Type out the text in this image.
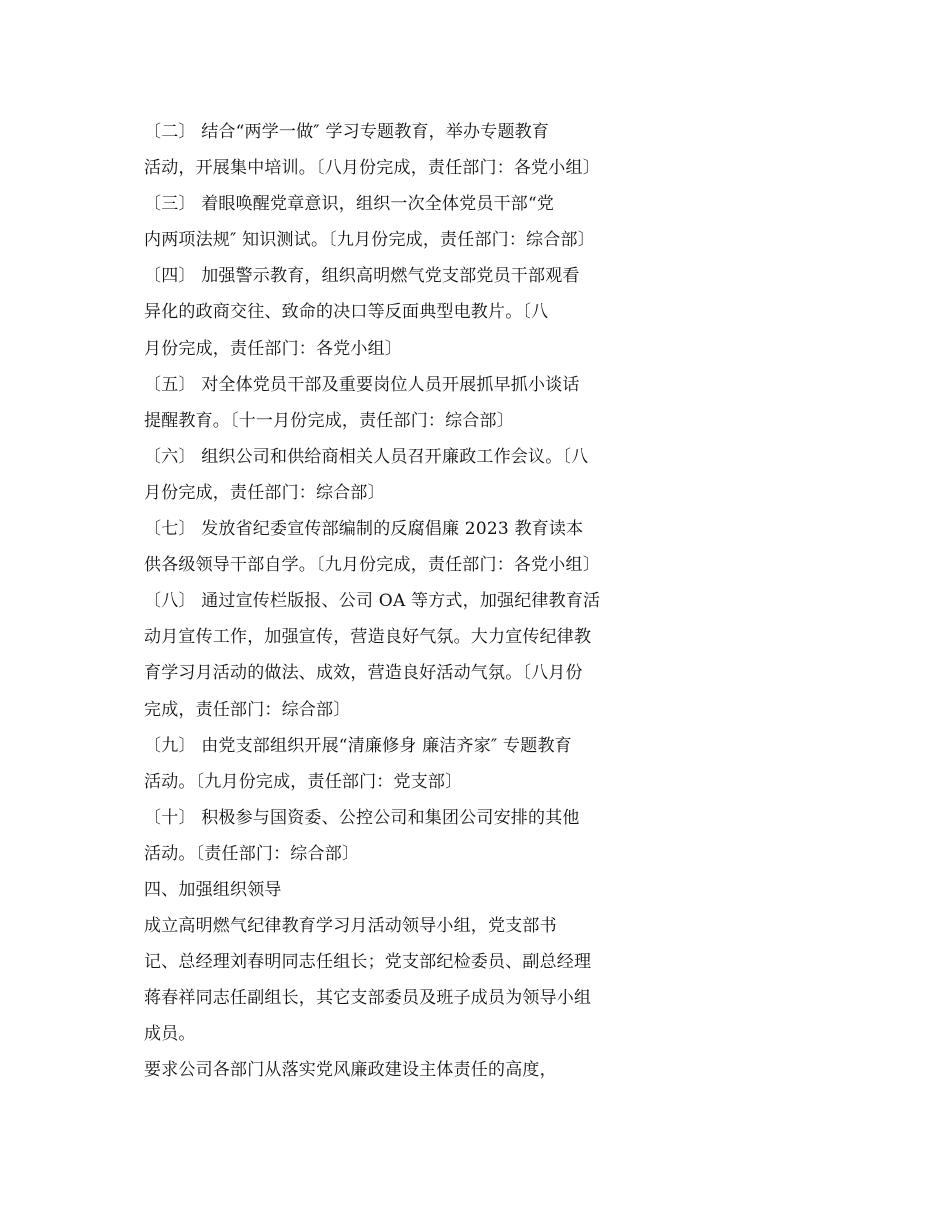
〔二〕 结合“两学一做″ 学习专题教育，举办专题教育
活动，开展集中培训。〔八月份完成，责任部门：各党小组〕
〔三〕 着眼唤醒党章意识，组织一次全体党员干部“党
内两项法规″ 知识测试。〔九月份完成，责任部门：综合部〕
〔四〕 加强警示教育，组织高明燃气党支部党员干部观看
异化的政商交往、致命的决口等反面典型电教片。〔八
月份完成，责任部门：各党小组〕
〔五〕 对全体党员干部及重要岗位人员开展抓早抓小谈话
提醒教育。〔十一月份完成，责任部门：综合部〕
〔六〕 组织公司和供给商相关人员召开廉政工作会议。〔八
月份完成，责任部门：综合部〕
〔七〕 发放省纪委宣传部编制的反腐倡廉 2023 教育读本
供各级领导干部自学。〔九月份完成，责任部门：各党小组〕
〔八〕 通过宣传栏版报、公司 OA 等方式，加强纪律教育活
动月宣传工作，加强宣传，营造良好气氛。大力宣传纪律教
育学习月活动的做法、成效，营造良好活动气氛。〔八月份
完成，责任部门：综合部〕
〔九〕 由党支部组织开展“清廉修身 廉洁齐家″ 专题教育
活动。〔九月份完成，责任部门：党支部〕
〔十〕 积极参与国资委、公控公司和集团公司安排的其他
活动。〔责任部门：综合部〕
四、加强组织领导
成立高明燃气纪律教育学习月活动领导小组，党支部书
记、总经理刘春明同志任组长；党支部纪检委员、副总经理
蒋春祥同志任副组长，其它支部委员及班子成员为领导小组
成员。
要求公司各部门从落实党风廉政建设主体责任的高度，
